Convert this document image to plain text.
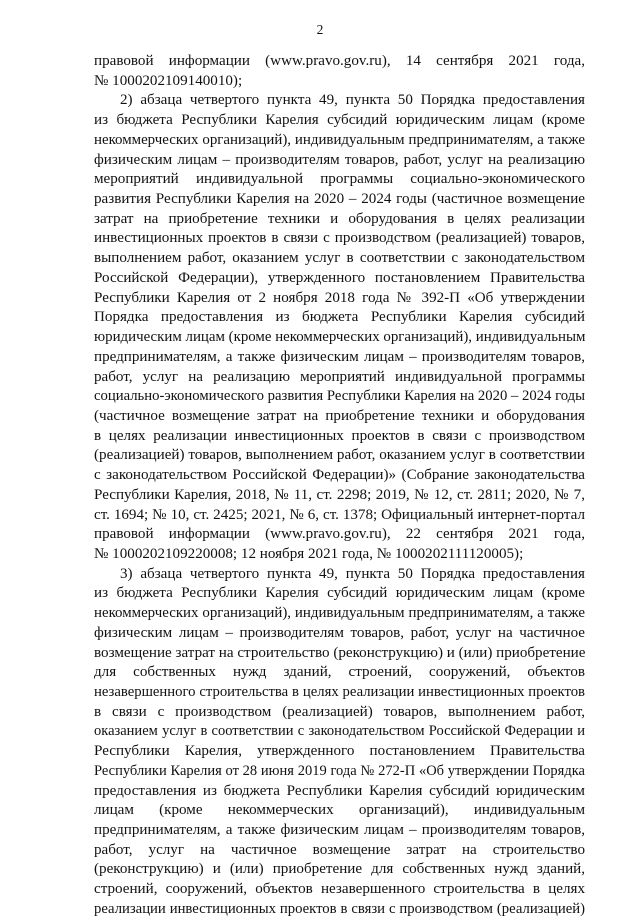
2
правовой информации (www.pravo.gov.ru), 14 сентября 2021 года,
№ 1000202109140010);
2) абзаца четвертого пункта 49, пункта 50 Порядка предоставления
из бюджета Республики Карелия субсидий юридическим лицам (кроме
некоммерческих организаций), индивидуальным предпринимателям, а также
физическим лицам – производителям товаров, работ, услуг на реализацию
мероприятий индивидуальной программы социально-экономического
развития Республики Карелия на 2020 – 2024 годы (частичное возмещение
затрат на приобретение техники и оборудования в целях реализации
инвестиционных проектов в связи с производством (реализацией) товаров,
выполнением работ, оказанием услуг в соответствии с законодательством
Российской Федерации), утвержденного постановлением Правительства
Республики Карелия от 2 ноября 2018 года № 392-П «Об утверждении
Порядка предоставления из бюджета Республики Карелия субсидий
юридическим лицам (кроме некоммерческих организаций), индивидуальным
предпринимателям, а также физическим лицам – производителям товаров,
работ, услуг на реализацию мероприятий индивидуальной программы
социально-экономического развития Республики Карелия на 2020 – 2024 годы
(частичное возмещение затрат на приобретение техники и оборудования
в целях реализации инвестиционных проектов в связи с производством
(реализацией) товаров, выполнением работ, оказанием услуг в соответствии
с законодательством Российской Федерации)» (Собрание законодательства
Республики Карелия, 2018, № 11, ст. 2298; 2019, № 12, ст. 2811; 2020, № 7,
ст. 1694; № 10, ст. 2425; 2021, № 6, ст. 1378; Официальный интернет-портал
правовой информации (www.pravo.gov.ru), 22 сентября 2021 года,
№ 1000202109220008; 12 ноября 2021 года, № 1000202111120005);
3) абзаца четвертого пункта 49, пункта 50 Порядка предоставления
из бюджета Республики Карелия субсидий юридическим лицам (кроме
некоммерческих организаций), индивидуальным предпринимателям, а также
физическим лицам – производителям товаров, работ, услуг на частичное
возмещение затрат на строительство (реконструкцию) и (или) приобретение
для собственных нужд зданий, строений, сооружений, объектов
незавершенного строительства в целях реализации инвестиционных проектов
в связи с производством (реализацией) товаров, выполнением работ,
оказанием услуг в соответствии с законодательством Российской Федерации и
Республики Карелия, утвержденного постановлением Правительства
Республики Карелия от 28 июня 2019 года № 272-П «Об утверждении Порядка
предоставления из бюджета Республики Карелия субсидий юридическим
лицам (кроме некоммерческих организаций), индивидуальным
предпринимателям, а также физическим лицам – производителям товаров,
работ, услуг на частичное возмещение затрат на строительство
(реконструкцию) и (или) приобретение для собственных нужд зданий,
строений, сооружений, объектов незавершенного строительства в целях
реализации инвестиционных проектов в связи с производством (реализацией)
